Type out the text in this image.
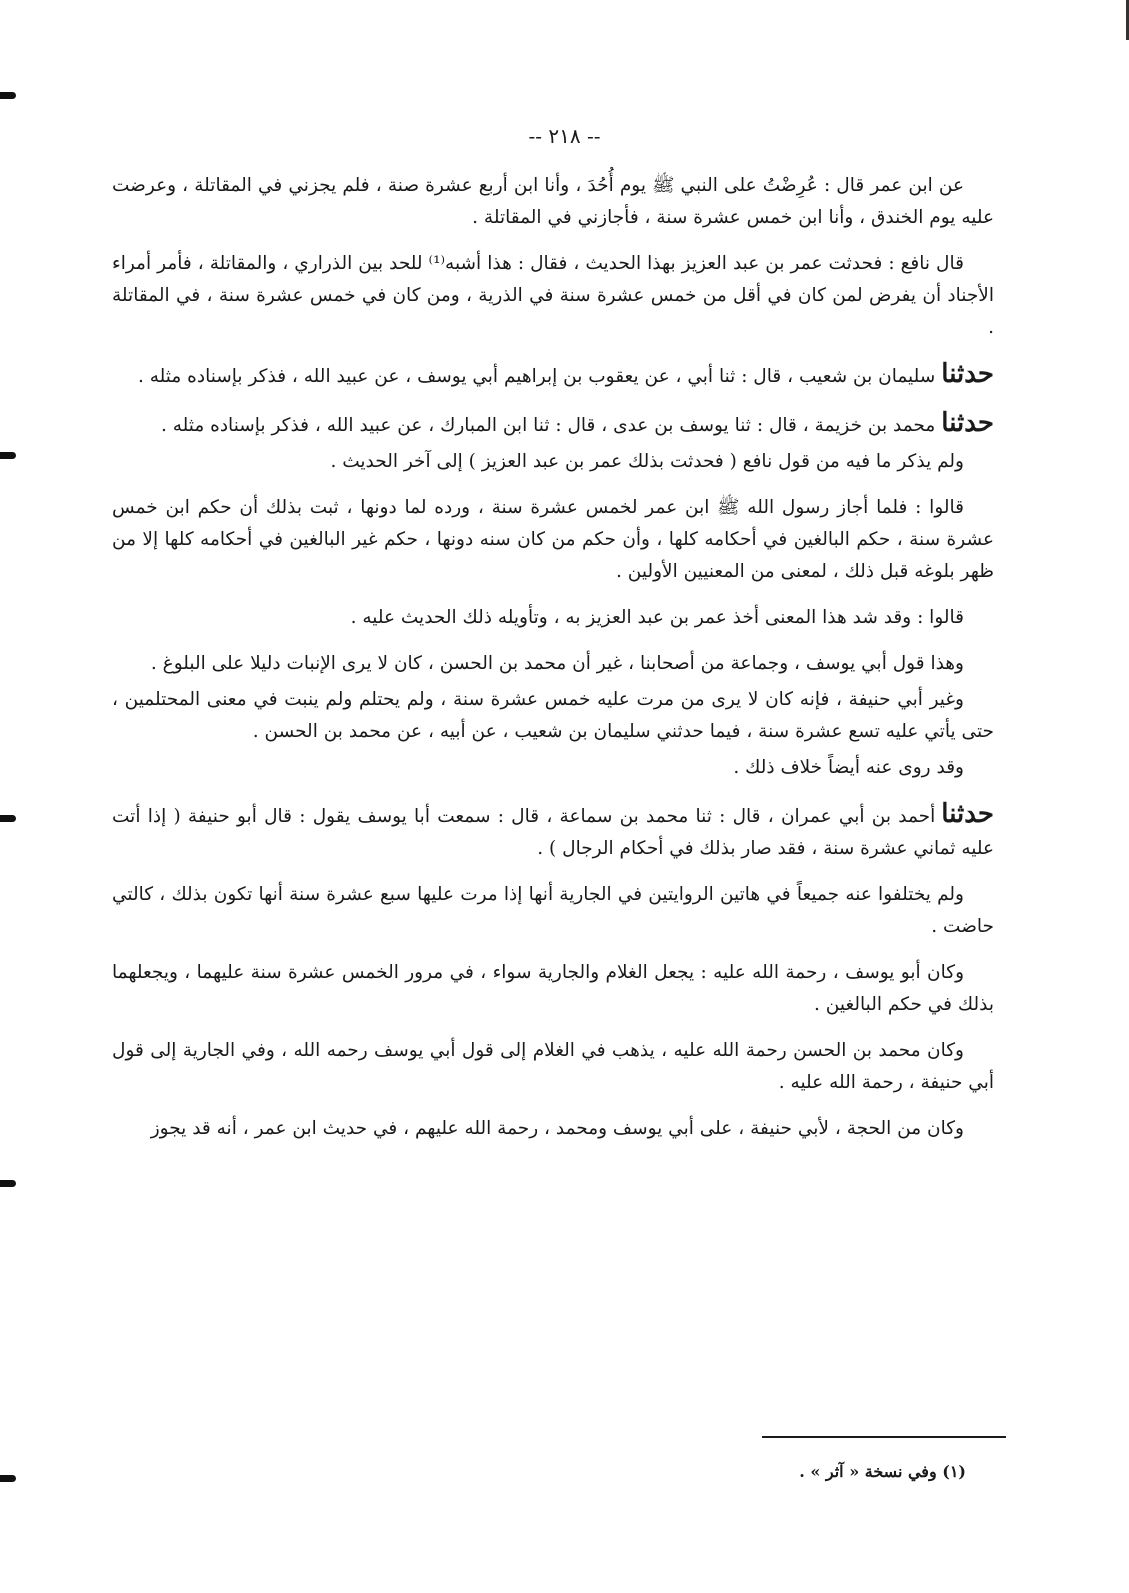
-- ٢١٨ --

عن ابن عمر قال : عُرِضْتُ على النبي ﷺ يوم أُحُدَ ، وأنا ابن أربع عشرة صنة ، فلم يجزني في المقاتلة ، وعرضت عليه يوم الخندق ، وأنا ابن خمس عشرة سنة ، فأجازني في المقاتلة .

قال نافع : فحدثت عمر بن عبد العزيز بهذا الحديث ، فقال : هذا أشبه⁽¹⁾ للحد بين الذراري ، والمقاتلة ، فأمر أمراء الأجناد أن يفرض لمن كان في أقل من خمس عشرة سنة في الذرية ، ومن كان في خمس عشرة سنة ، في المقاتلة .

حدثناسليمان بن شعيب ، قال : ثنا أبي ، عن يعقوب بن إبراهيم أبي يوسف ، عن عبيد الله ، فذكر بإسناده مثله .

حدثنامحمد بن خزيمة ، قال : ثنا يوسف بن عدى ، قال : ثنا ابن المبارك ، عن عبيد الله ، فذكر بإسناده مثله .

ولم يذكر ما فيه من قول نافع ( فحدثت بذلك عمر بن عبد العزيز ) إلى آخر الحديث .

قالوا : فلما أجاز رسول الله ﷺ ابن عمر لخمس عشرة سنة ، ورده لما دونها ، ثبت بذلك أن حكم ابن خمس عشرة سنة ، حكم البالغين في أحكامه كلها ، وأن حكم من كان سنه دونها ، حكم غير البالغين في أحكامه كلها إلا من ظهر بلوغه قبل ذلك ، لمعنى من المعنيين الأولين .

قالوا : وقد شد هذا المعنى أخذ عمر بن عبد العزيز به ، وتأويله ذلك الحديث عليه .

وهذا قول أبي يوسف ، وجماعة من أصحابنا ، غير أن محمد بن الحسن ، كان لا يرى الإنبات دليلا على البلوغ .

وغير أبي حنيفة ، فإنه كان لا يرى من مرت عليه خمس عشرة سنة ، ولم يحتلم ولم ينبت في معنى المحتلمين ، حتى يأتي عليه تسع عشرة سنة ، فيما حدثني سليمان بن شعيب ، عن أبيه ، عن محمد بن الحسن .

وقد روى عنه أيضاً خلاف ذلك .

حدثناأحمد بن أبي عمران ، قال : ثنا محمد بن سماعة ، قال : سمعت أبا يوسف يقول : قال أبو حنيفة ( إذا أتت عليه ثماني عشرة سنة ، فقد صار بذلك في أحكام الرجال ) .

ولم يختلفوا عنه جميعاً في هاتين الروايتين في الجارية أنها إذا مرت عليها سبع عشرة سنة أنها تكون بذلك ، كالتي حاضت .

وكان أبو يوسف ، رحمة الله عليه : يجعل الغلام والجارية سواء ، في مرور الخمس عشرة سنة عليهما ، ويجعلهما بذلك في حكم البالغين .

وكان محمد بن الحسن رحمة الله عليه ، يذهب في الغلام إلى قول أبي يوسف رحمه الله ، وفي الجارية إلى قول أبي حنيفة ، رحمة الله عليه .

وكان من الحجة ، لأبي حنيفة ، على أبي يوسف ومحمد ، رحمة الله عليهم ، في حديث ابن عمر ، أنه قد يجوز

(١) وفي نسخة « آثر » .
